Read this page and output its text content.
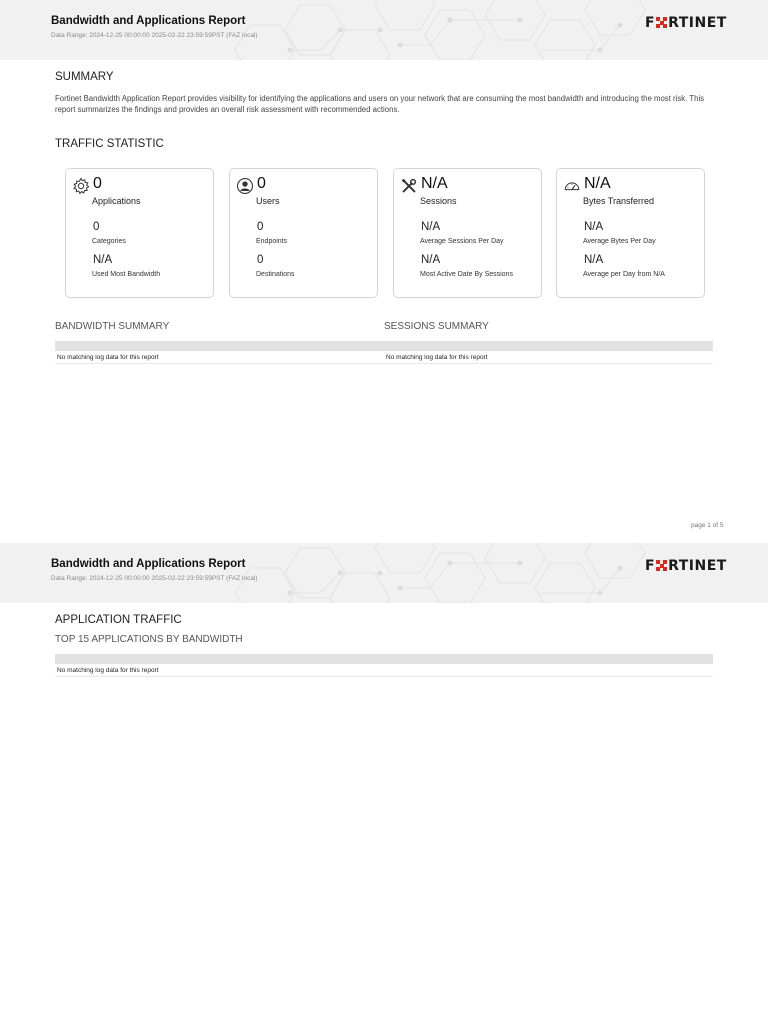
Bandwidth and Applications Report
Data Range: 2024-12-25 00:00:00 2025-02-22 23:59:59PST (FAZ local)
F RTINET
SUMMARY
Fortinet Bandwidth Application Report provides visibility for identifying the applications and users on your network that are consuming the most bandwidth and introducing the most risk. This report summarizes the findings and provides an overall risk assessment with recommended actions.
TRAFFIC STATISTIC
0
Applications
0
Categories
N/A
Used Most Bandwidth
0
Users
0
Endpoints
0
Destinations
N/A
Sessions
N/A
Average Sessions Per Day
N/A
Most Active Date By Sessions
N/A
Bytes Transferred
N/A
Average Bytes Per Day
N/A
Average per Day from N/A
BANDWIDTH SUMMARY
No matching log data for this report
SESSIONS SUMMARY
No matching log data for this report
page 1 of 5
Bandwidth and Applications Report
Data Range: 2024-12-25 00:00:00 2025-02-22 23:59:59PST (FAZ local)
F RTINET
APPLICATION TRAFFIC
TOP 15 APPLICATIONS BY BANDWIDTH
No matching log data for this report
